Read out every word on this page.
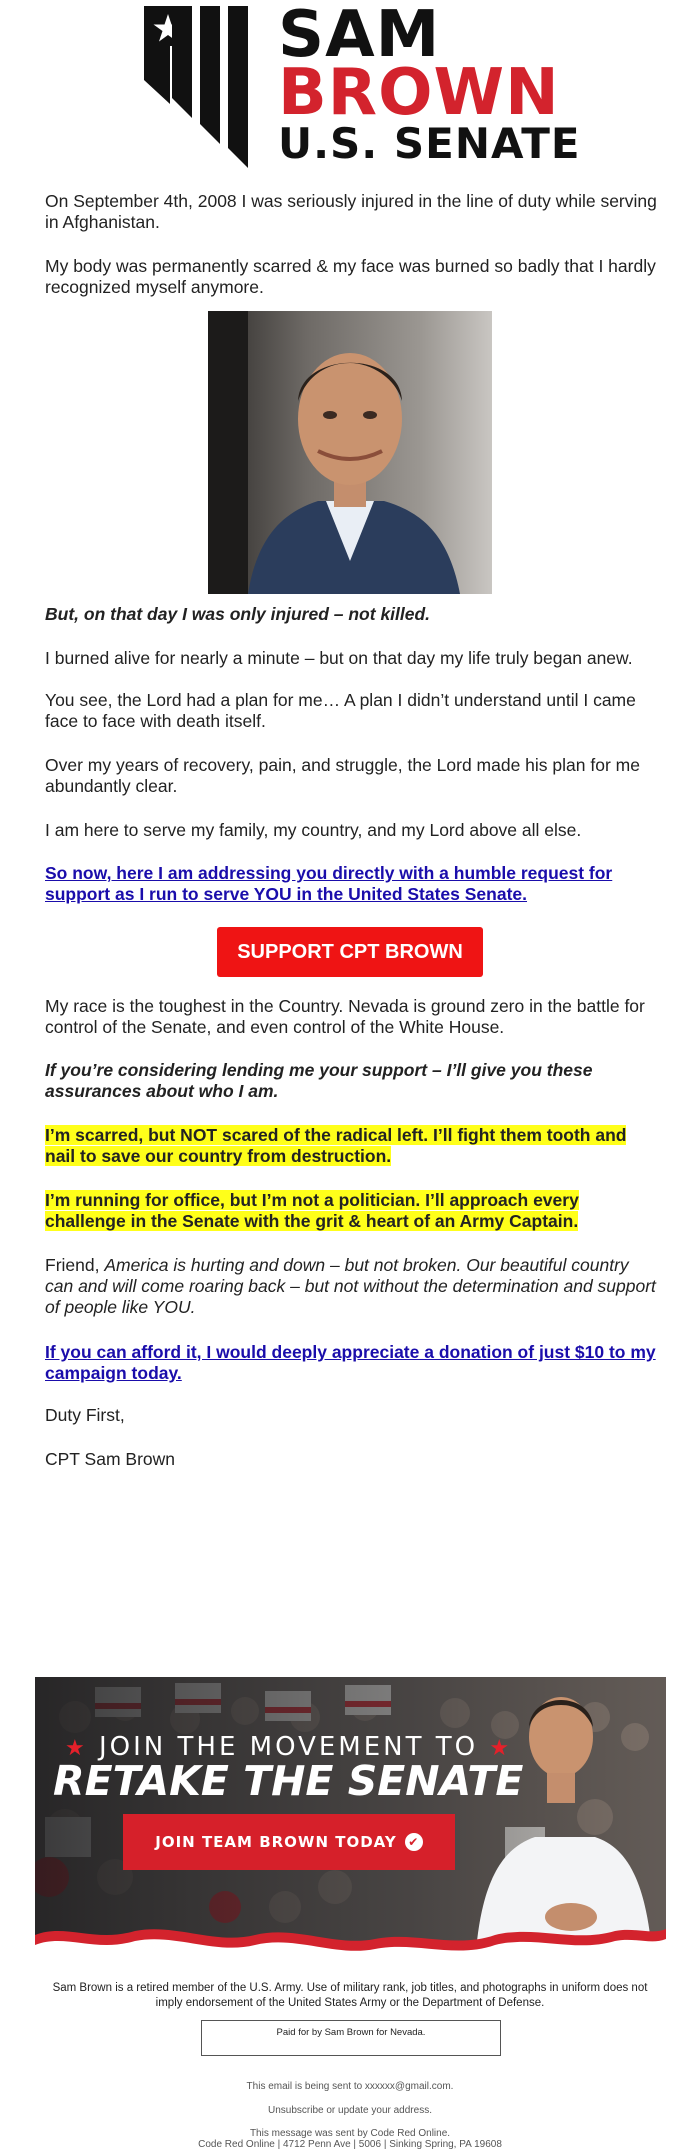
SAM
BROWN
U.S. SENATE

On September 4th, 2008 I was seriously injured in the line of duty while serving in Afghanistan.

My body was permanently scarred & my face was burned so badly that I hardly recognized myself anymore.

But, on that day I was only injured – not killed.

I burned alive for nearly a minute – but on that day my life truly began anew.

You see, the Lord had a plan for me… A plan I didn’t understand until I came face to face with death itself.

Over my years of recovery, pain, and struggle, the Lord made his plan for me abundantly clear.

I am here to serve my family, my country, and my Lord above all else.

So now, here I am addressing you directly with a humble request for support as I run to serve YOU in the United States Senate.
SUPPORT CPT BROWN

My race is the toughest in the Country. Nevada is ground zero in the battle for control of the Senate, and even control of the White House.

If you’re considering lending me your support – I’ll give you these assurances about who I am.

I’m scarred, but NOT scared of the radical left. I’ll fight them tooth and nail to save our country from destruction.

I’m running for office, but I’m not a politician. I’ll approach every challenge in the Senate with the grit & heart of an Army Captain.

Friend, America is hurting and down – but not broken. Our beautiful country can and will come roaring back – but not without the determination and support of people like YOU.

If you can afford it, I would deeply appreciate a donation of just $10 to my campaign today.

Duty First,

CPT Sam Brown

★ JOIN THE MOVEMENT TO ★
RETAKE THE SENATE
JOIN TEAM BROWN TODAY ✔

Sam Brown is a retired member of the U.S. Army. Use of military rank, job titles, and photographs in uniform does not imply endorsement of the United States Army or the Department of Defense.

Paid for by Sam Brown for Nevada.

This email is being sent to xxxxxx@gmail.com.

Unsubscribe or update your address.

This message was sent by Code Red Online.

Code Red Online | 4712 Penn Ave | 5006 | Sinking Spring, PA 19608
